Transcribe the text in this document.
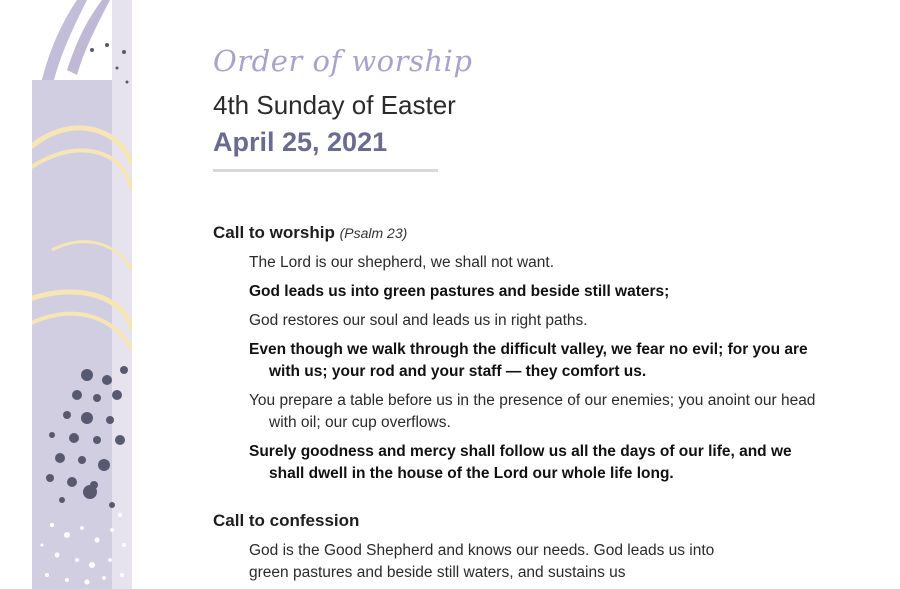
Order of worship
4th Sunday of Easter
April 25, 2021
Call to worship (Psalm 23)
The Lord is our shepherd, we shall not want.
God leads us into green pastures and beside still waters;
God restores our soul and leads us in right paths.
Even though we walk through the difficult valley, we fear no evil; for you are with us; your rod and your staff — they comfort us.
You prepare a table before us in the presence of our enemies; you anoint our head with oil; our cup overflows.
Surely goodness and mercy shall follow us all the days of our life, and we shall dwell in the house of the Lord our whole life long.
Call to confession
God is the Good Shepherd and knows our needs. God leads us into green pastures and beside still waters, and sustains us
